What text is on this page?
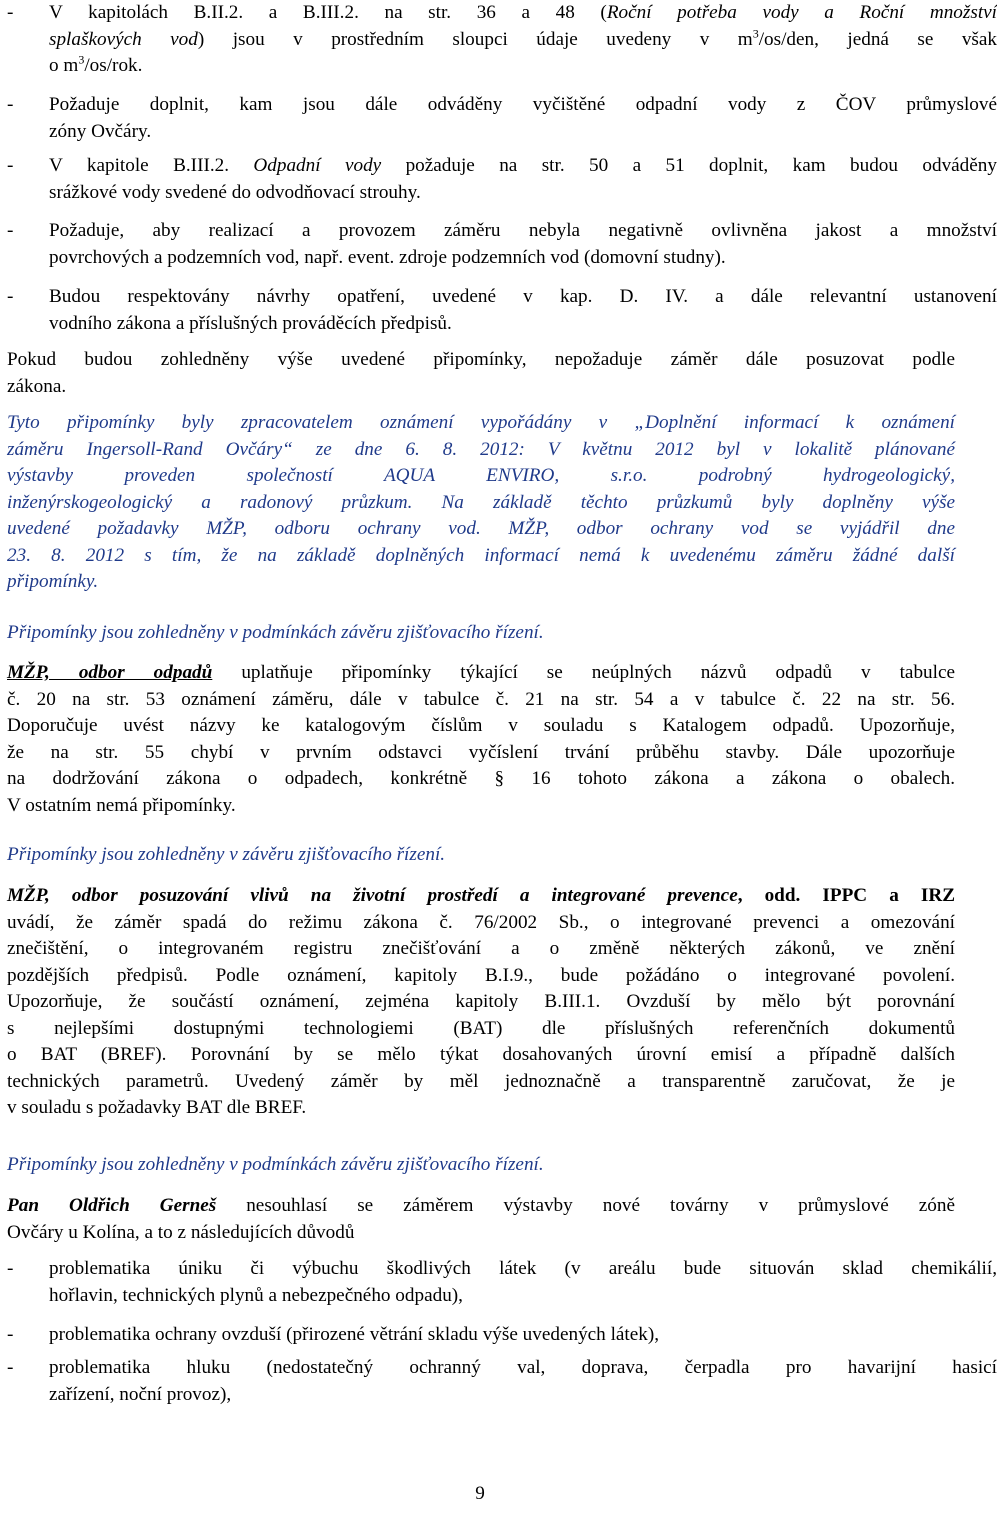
- V kapitolách B.II.2. a B.III.2. na str. 36 a 48 (Roční potřeba vody a Roční množství
splaškových vod) jsou v prostředním sloupci údaje uvedeny v $m^3/os$/den, jedná se však
o $m^3/os$/rok.
- Požaduje doplnit, kam jsou dále odváděny vyčištěné odpadní vody z ČOV průmyslové
zóny Ovčáry.
- V kapitole B.III.2. Odpadní vody požaduje na str. 50 a 51 doplnit, kam budou odváděny
srážkové vody svedené do odvodňovací strouhy.
- Požaduje, aby realizací a provozem záměru nebyla negativně ovlivněna jakost a množství
povrchových a podzemních vod, např. event. zdroje podzemních vod (domovní studny).
- Budou respektovány návrhy opatření, uvedené v kap. D. IV. a dále relevantní ustanovení
vodního zákona a příslušných prováděcích předpisů.
Pokud budou zohledněny výše uvedené připomínky, nepožaduje záměr dále posuzovat podle
zákona.
Tyto připomínky byly zpracovatelem oznámení vypořádány v „Doplnění informací k oznámení
záměru Ingersoll-Rand Ovčáry“ ze dne 6. 8. 2012: V květnu 2012 byl v lokalitě plánované
výstavby proveden společností AQUA ENVIRO, s.r.o. podrobný hydrogeologický,
inženýrskogeologický a radonový průzkum. Na základě těchto průzkumů byly doplněny výše
uvedené požadavky MŽP, odboru ochrany vod. MŽP, odbor ochrany vod se vyjádřil dne
23. 8. 2012 s tím, že na základě doplněných informací nemá k uvedenému záměru žádné další
připomínky.
Připomínky jsou zohledněny v podmínkách závěru zjišťovacího řízení.
MŽP, odbor odpadů uplatňuje připomínky týkající se neúplných názvů odpadů v tabulce
č. 20 na str. 53 oznámení záměru, dále v tabulce č. 21 na str. 54 a v tabulce č. 22 na str. 56.
Doporučuje uvést názvy ke katalogovým číslům v souladu s Katalogem odpadů. Upozorňuje,
že na str. 55 chybí v prvním odstavci vyčíslení trvání průběhu stavby. Dále upozorňuje
na dodržování zákona o odpadech, konkrétně § 16 tohoto zákona a zákona o obalech.
V ostatním nemá připomínky.
Připomínky jsou zohledněny v závěru zjišťovacího řízení.
MŽP, odbor posuzování vlivů na životní prostředí a integrované prevence, odd. IPPC a IRZ
uvádí, že záměr spadá do režimu zákona č. 76/2002 Sb., o integrované prevenci a omezování
znečištění, o integrovaném registru znečišťování a o změně některých zákonů, ve znění
pozdějších předpisů. Podle oznámení, kapitoly B.I.9., bude požádáno o integrované povolení.
Upozorňuje, že součástí oznámení, zejména kapitoly B.III.1. Ovzduší by mělo být porovnání
s nejlepšími dostupnými technologiemi (BAT) dle příslušných referenčních dokumentů
o BAT (BREF). Porovnání by se mělo týkat dosahovaných úrovní emisí a případně dalších
technických parametrů. Uvedený záměr by měl jednoznačně a transparentně zaručovat, že je
v souladu s požadavky BAT dle BREF.
Připomínky jsou zohledněny v podmínkách závěru zjišťovacího řízení.
Pan Oldřich Gerneš nesouhlasí se záměrem výstavby nové továrny v průmyslové zóně
Ovčáry u Kolína, a to z následujících důvodů
- problematika úniku či výbuchu škodlivých látek (v areálu bude situován sklad chemikálií,
hořlavin, technických plynů a nebezpečného odpadu),
- problematika ochrany ovzduší (přirozené větrání skladu výše uvedených látek),
- problematika hluku (nedostatečný ochranný val, doprava, čerpadla pro havarijní hasicí
zařízení, noční provoz),
9
